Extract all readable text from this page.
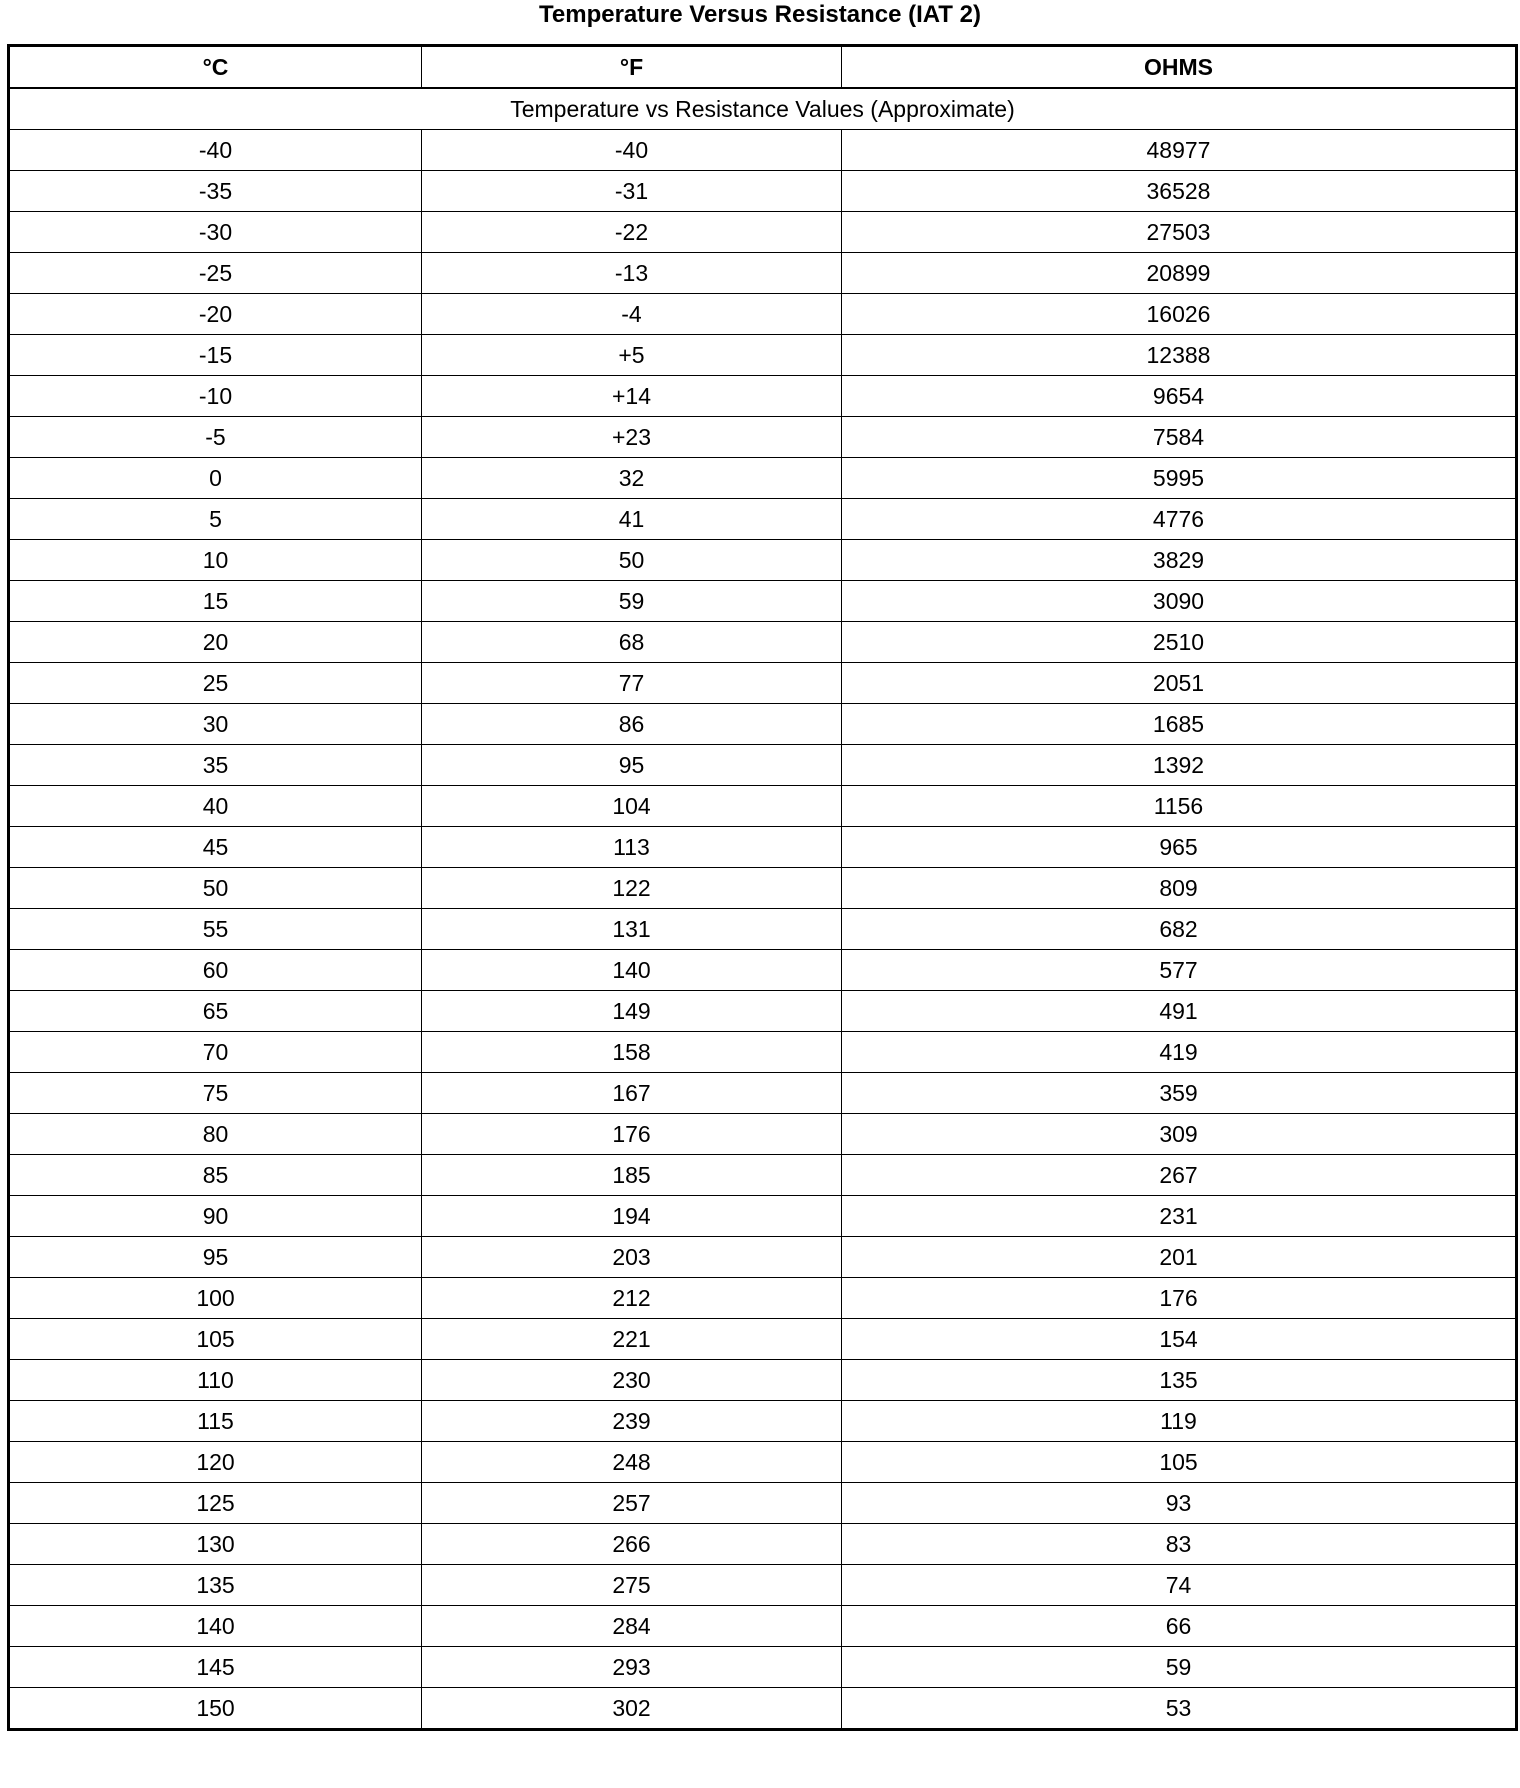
Temperature Versus Resistance (IAT 2)
°C	°F	OHMS
Temperature vs Resistance Values (Approximate)		
-40	-40	48977
-35	-31	36528
-30	-22	27503
-25	-13	20899
-20	-4	16026
-15	+5	12388
-10	+14	9654
-5	+23	7584
0	32	5995
5	41	4776
10	50	3829
15	59	3090
20	68	2510
25	77	2051
30	86	1685
35	95	1392
40	104	1156
45	113	965
50	122	809
55	131	682
60	140	577
65	149	491
70	158	419
75	167	359
80	176	309
85	185	267
90	194	231
95	203	201
100	212	176
105	221	154
110	230	135
115	239	119
120	248	105
125	257	93
130	266	83
135	275	74
140	284	66
145	293	59
150	302	53
